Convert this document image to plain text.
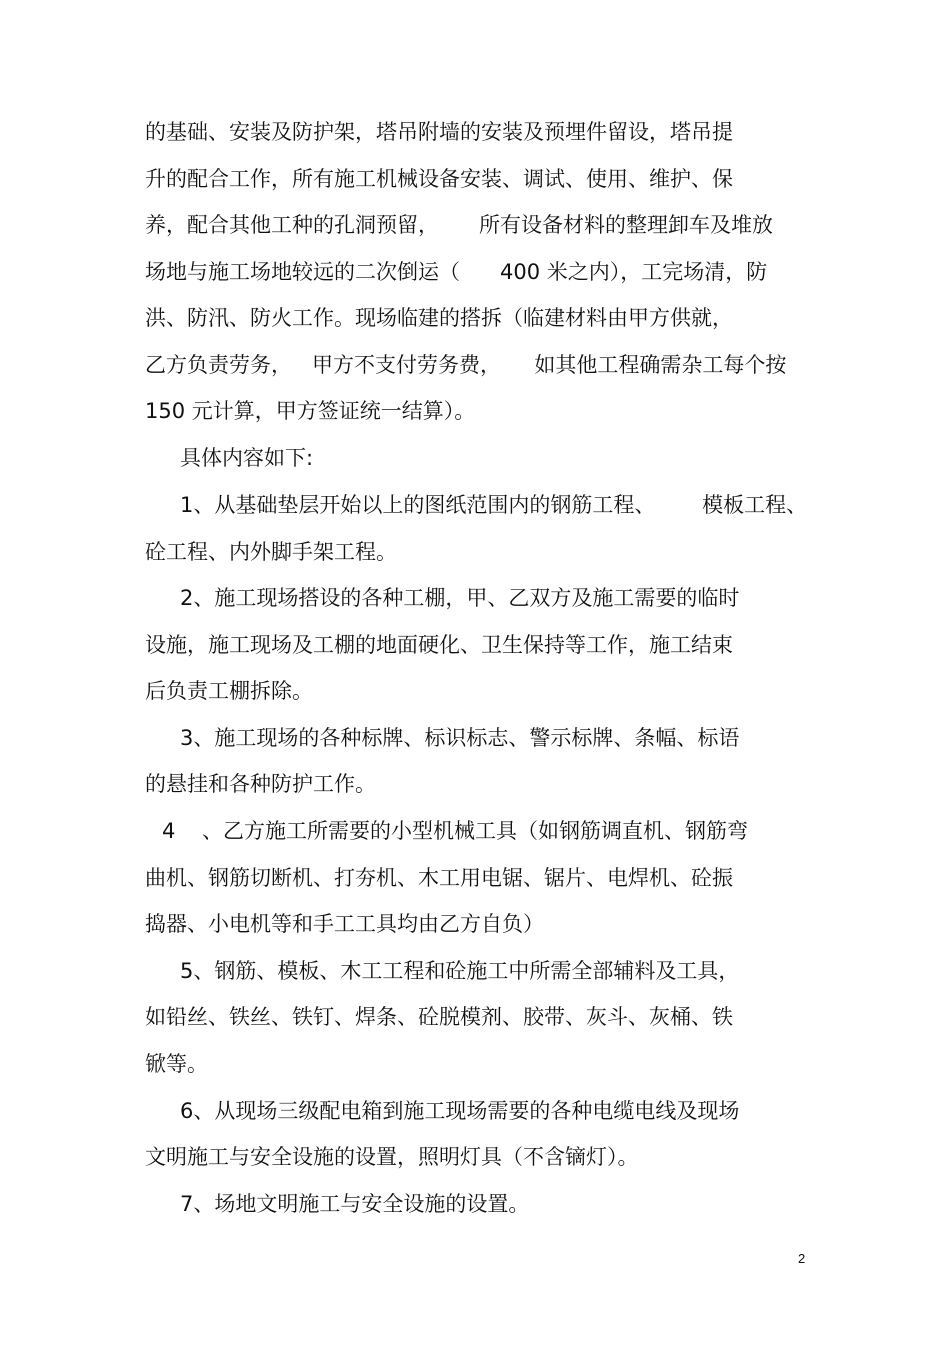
的基础、安装及防护架，塔吊附墙的安装及预埋件留设，塔吊提
升的配合工作，所有施工机械设备安装、调试、使用、维护、保
养，配合其他工种的孔洞预留，      所有设备材料的整理卸车及堆放
场地与施工场地较远的二次倒运（      400 米之内），工完场清，防
洪、防汛、防火工作。现场临建的搭拆（临建材料由甲方供就，
乙方负责劳务，   甲方不支付劳务费，     如其他工程确需杂工每个按
150 元计算，甲方签证统一结算）。
具体内容如下:
1、从基础垫层开始以上的图纸范围内的钢筋工程、       模板工程、
砼工程、内外脚手架工程。
2、施工现场搭设的各种工棚，甲、乙双方及施工需要的临时
设施，施工现场及工棚的地面硬化、卫生保持等工作，施工结束
后负责工棚拆除。
3、施工现场的各种标牌、标识标志、警示标牌、条幅、标语
的悬挂和各种防护工作。
4    、乙方施工所需要的小型机械工具（如钢筋调直机、钢筋弯
曲机、钢筋切断机、打夯机、木工用电锯、锯片、电焊机、砼振
捣器、小电机等和手工工具均由乙方自负）
5、钢筋、模板、木工工程和砼施工中所需全部辅料及工具，
如铅丝、铁丝、铁钉、焊条、砼脱模剂、胶带、灰斗、灰桶、铁
锨等。
6、从现场三级配电箱到施工现场需要的各种电缆电线及现场
文明施工与安全设施的设置，照明灯具（不含镝灯）。
7、场地文明施工与安全设施的设置。
2
